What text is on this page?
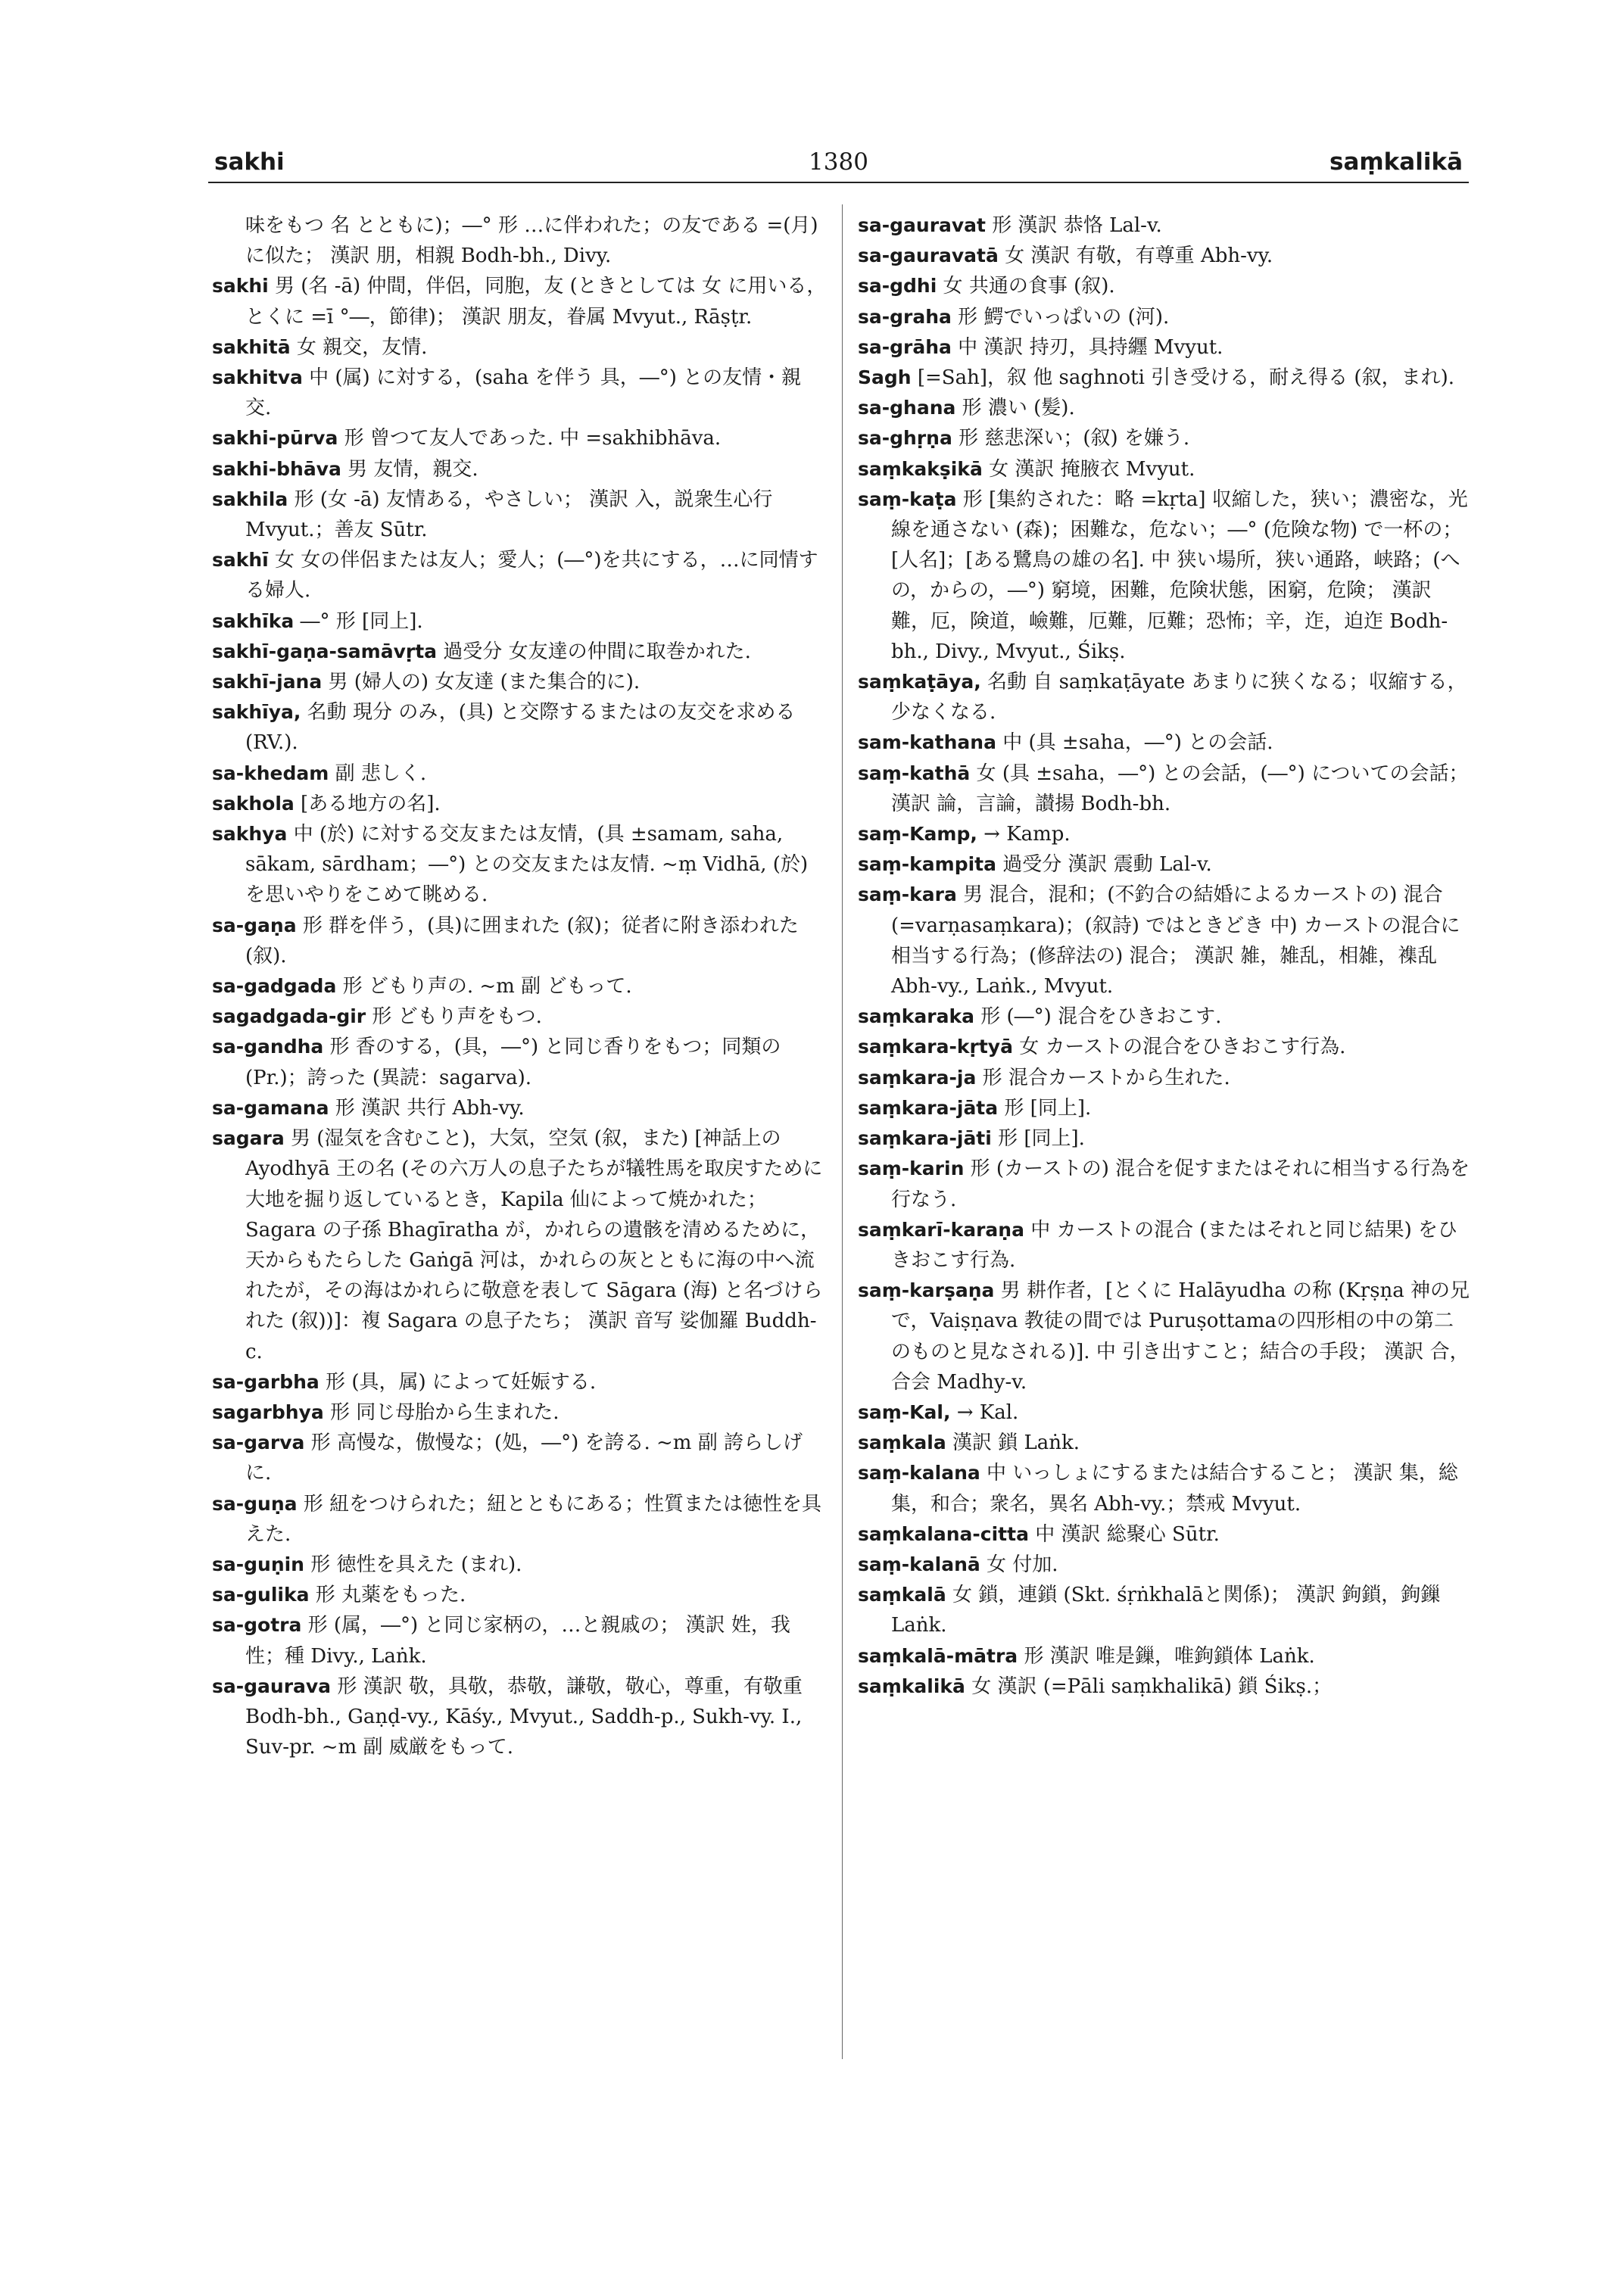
sakhi	1380	saṃkalikā

味をもつ 名 とともに)；―° 形 …に伴われた；の友である =(月)に似た； 漢訳 朋，相親 Bodh-bh., Divy.

sakhi 男 (名 -ā) 仲間，伴侶，同胞，友 (ときとしては 女 に用いる，とくに =ī °―，節律)； 漢訳 朋友，眷属 Mvyut., Rāṣṭr.

sakhitā 女 親交，友情.

sakhitva 中 (属) に対する，(saha を伴う 具，―°) との友情・親交.

sakhi-pūrva 形 曾つて友人であった. 中 =sakhibhāva.

sakhi-bhāva 男 友情，親交.

sakhila 形 (女 -ā) 友情ある，やさしい； 漢訳 入，説衆生心行 Mvyut.；善友 Sūtr.

sakhī 女 女の伴侶または友人；愛人；(―°)を共にする，…に同情する婦人.

sakhīka ―° 形 [同上].

sakhī-gaṇa-samāvṛta 過受分 女友達の仲間に取巻かれた.

sakhī-jana 男 (婦人の) 女友達 (また集合的に).

sakhīya, 名動 現分 のみ，(具) と交際するまたはの友交を求める (RV.).

sa-khedam 副 悲しく.

sakhola [ある地方の名].

sakhya 中 (於) に対する交友または友情，(具 ±samam, saha, sākam, sārdham；―°) との交友または友情. ~ṃ Vidhā, (於)を思いやりをこめて眺める.

sa-gaṇa 形 群を伴う，(具)に囲まれた (叙)；従者に附き添われた (叙).

sa-gadgada 形 どもり声の. ~m 副 どもって.

sagadgada-gir 形 どもり声をもつ.

sa-gandha 形 香のする，(具，―°) と同じ香りをもつ；同類の (Pr.)；誇った (異読：sagarva).

sa-gamana 形 漢訳 共行 Abh-vy.

sagara 男 (湿気を含むこと)，大気，空気 (叙，また) [神話上の Ayodhyā 王の名 (その六万人の息子たちが犠牲馬を取戻すために大地を掘り返しているとき，Kapila 仙によって焼かれた；Sagara の子孫 Bhagīratha が，かれらの遺骸を清めるために，天からもたらした Gaṅgā 河は，かれらの灰とともに海の中へ流れたが，その海はかれらに敬意を表して Sāgara (海) と名づけられた (叙))]：複 Sagara の息子たち； 漢訳 音写 娑伽羅 Buddh-c.

sa-garbha 形 (具，属) によって妊娠する.

sagarbhya 形 同じ母胎から生まれた.

sa-garva 形 高慢な，傲慢な；(処，―°) を誇る. ~m 副 誇らしげに.

sa-guṇa 形 紐をつけられた；紐とともにある；性質または徳性を具えた.

sa-guṇin 形 徳性を具えた (まれ).

sa-gulika 形 丸薬をもった.

sa-gotra 形 (属，―°) と同じ家柄の，…と親戚の； 漢訳 姓，我性；種 Divy., Laṅk.

sa-gaurava 形 漢訳 敬，具敬，恭敬，謙敬，敬心，尊重，有敬重 Bodh-bh., Gaṇḍ-vy., Kāśy., Mvyut., Saddh-p., Sukh-vy. I., Suv-pr. ~m 副 威厳をもって.

sa-gauravat 形 漢訳 恭恪 Lal-v.

sa-gauravatā 女 漢訳 有敬，有尊重 Abh-vy.

sa-gdhi 女 共通の食事 (叙).

sa-graha 形 鰐でいっぱいの (河).

sa-grāha 中 漢訳 持刃，具持纒 Mvyut.

Sagh [=Sah]，叙 他 saghnoti 引き受ける，耐え得る (叙，まれ).

sa-ghana 形 濃い (髪).

sa-ghṛṇa 形 慈悲深い；(叙) を嫌う.

saṃkakṣikā 女 漢訳 掩腋衣 Mvyut.

saṃ-kaṭa 形 [集約された：略 =kṛta] 収縮した，狭い；濃密な，光線を通さない (森)；困難な，危ない；―° (危険な物) で一杯の；[人名]；[ある鷺鳥の雄の名]. 中 狭い場所，狭い通路，峡路；(への，からの，―°) 窮境，困難，危険状態，困窮，危険； 漢訳 難，厄，険道，嶮難，厄難，厄難；恐怖；辛，迮，迫迮 Bodh-bh., Divy., Mvyut., Śikṣ.

saṃkaṭāya, 名動 自 saṃkaṭāyate あまりに狭くなる；収縮する，少なくなる.

sam-kathana 中 (具 ±saha，―°) との会話.

saṃ-kathā 女 (具 ±saha，―°) との会話，(―°) についての会話； 漢訳 論，言論，讃揚 Bodh-bh.

saṃ-Kamp, → Kamp.

saṃ-kampita 過受分 漢訳 震動 Lal-v.

saṃ-kara 男 混合，混和；(不釣合の結婚によるカーストの) 混合 (=varṇasaṃkara)；(叙詩) ではときどき 中) カーストの混合に相当する行為；(修辞法の) 混合； 漢訳 雑，雑乱，相雑，襍乱 Abh-vy., Laṅk., Mvyut.

saṃkaraka 形 (―°) 混合をひきおこす.

saṃkara-kṛtyā 女 カーストの混合をひきおこす行為.

saṃkara-ja 形 混合カーストから生れた.

saṃkara-jāta 形 [同上].

saṃkara-jāti 形 [同上].

saṃ-karin 形 (カーストの) 混合を促すまたはそれに相当する行為を行なう.

saṃkarī-karaṇa 中 カーストの混合 (またはそれと同じ結果) をひきおこす行為.

saṃ-karṣaṇa 男 耕作者，[とくに Halāyudha の称 (Kṛṣṇa 神の兄で，Vaiṣṇava 教徒の間では Puruṣottamaの四形相の中の第二のものと見なされる)]. 中 引き出すこと；結合の手段； 漢訳 合，合会 Madhy-v.

saṃ-Kal, → Kal.

saṃkala 漢訳 鎖 Laṅk.

saṃ-kalana 中 いっしょにするまたは結合すること； 漢訳 集，総集，和合；衆名，異名 Abh-vy.；禁戒 Mvyut.

saṃkalana-citta 中 漢訳 総聚心 Sūtr.

saṃ-kalanā 女 付加.

saṃkalā 女 鎖，連鎖 (Skt. śṛṅkhalāと関係)； 漢訳 鉤鎖，鉤鏁 Laṅk.

saṃkalā-mātra 形 漢訳 唯是鏁，唯鉤鎖体 Laṅk.

saṃkalikā 女 漢訳 (=Pāli saṃkhalikā) 鎖 Śikṣ.；
